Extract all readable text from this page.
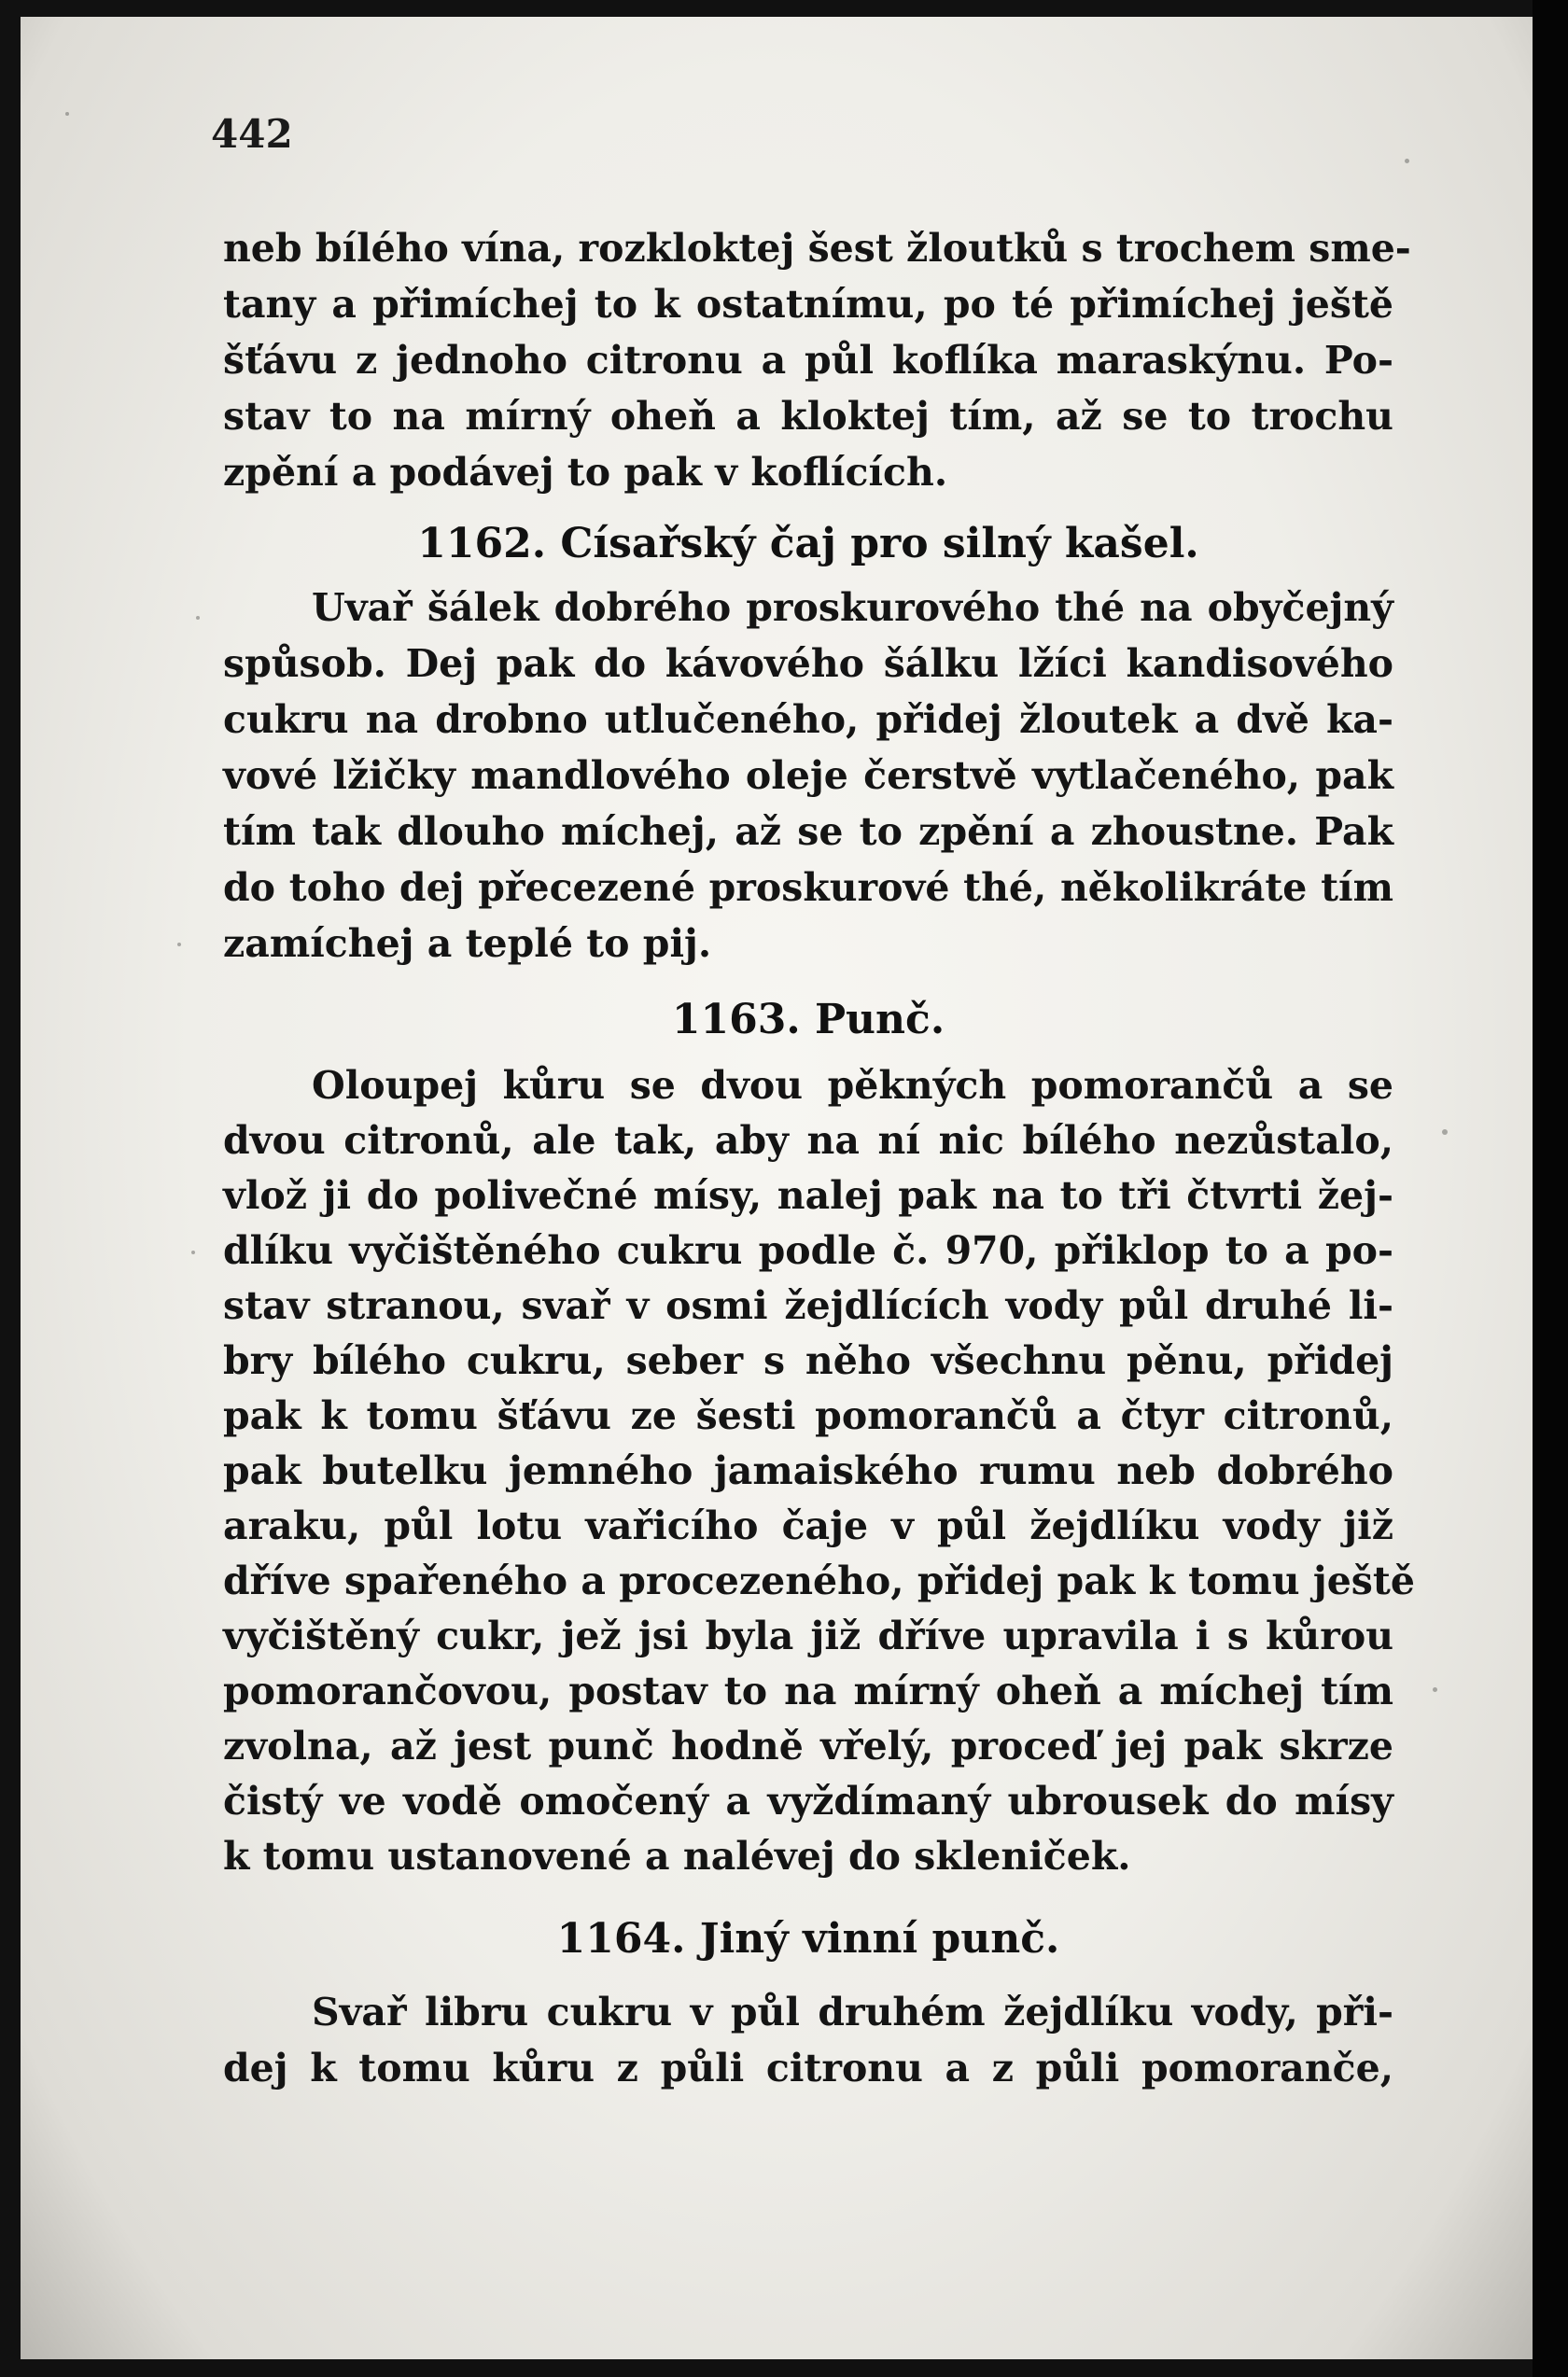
442

neb bílého vína, rozkloktej šest žloutků s trochem sme-

tany a přimíchej to k ostatnímu, po té přimíchej ještě

šťávu z jednoho citronu a půl koflíka maraskýnu. Po-

stav to na mírný oheň a kloktej tím, až se to trochu

zpění a podávej to pak v koflících.

1162. Císařský čaj pro silný kašel.

Uvař šálek dobrého proskurového thé na obyčejný

spůsob. Dej pak do kávového šálku lžíci kandisového

cukru na drobno utlučeného, přidej žloutek a dvě ka-

vové lžičky mandlového oleje čerstvě vytlačeného, pak

tím tak dlouho míchej, až se to zpění a zhoustne. Pak

do toho dej přecezené proskurové thé, několikráte tím

zamíchej a teplé to pij.

1163. Punč.

Oloupej kůru se dvou pěkných pomorančů a se

dvou citronů, ale tak, aby na ní nic bílého nezůstalo,

vlož ji do polivečné mísy, nalej pak na to tři čtvrti žej-

dlíku vyčištěného cukru podle č. 970, přiklop to a po-

stav stranou, svař v osmi žejdlících vody půl druhé li-

bry bílého cukru, seber s něho všechnu pěnu, přidej

pak k tomu šťávu ze šesti pomorančů a čtyr citronů,

pak butelku jemného jamaiského rumu neb dobrého

araku, půl lotu vařicího čaje v půl žejdlíku vody již

dříve spařeného a procezeného, přidej pak k tomu ještě

vyčištěný cukr, jež jsi byla již dříve upravila i s kůrou

pomorančovou, postav to na mírný oheň a míchej tím

zvolna, až jest punč hodně vřelý, proceď jej pak skrze

čistý ve vodě omočený a vyždímaný ubrousek do mísy

k tomu ustanovené a nalévej do skleniček.

1164. Jiný vinní punč.

Svař libru cukru v půl druhém žejdlíku vody, při-

dej k tomu kůru z půli citronu a z půli pomoranče,
